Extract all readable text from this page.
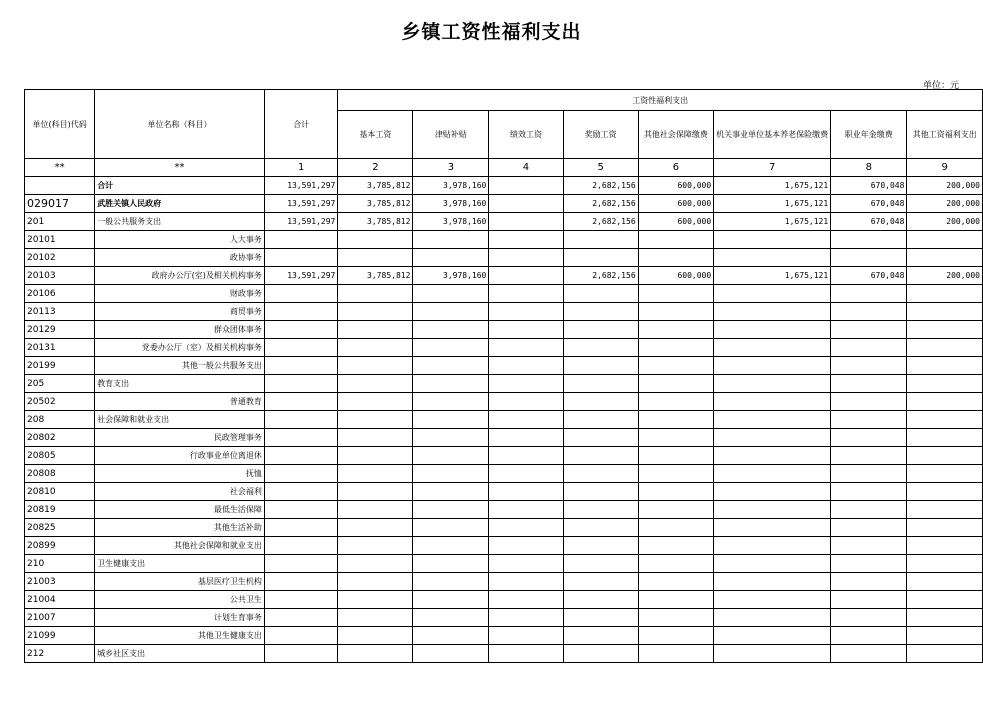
乡镇工资性福利支出
单位：元
单位(科目)代码	单位名称（科目）	合计	工资性福利支出							
			基本工资	津贴补贴	绩效工资	奖励工资	其他社会保障缴费	机关事业单位基本养老保险缴费	职业年金缴费	其他工资福利支出
**	**	1	2	3	4	5	6	7	8	9
	合计	13,591,297	3,785,812	3,978,160		2,682,156	600,000	1,675,121	670,048	200,000
029017	武胜关镇人民政府	13,591,297	3,785,812	3,978,160		2,682,156	600,000	1,675,121	670,048	200,000
201	一般公共服务支出	13,591,297	3,785,812	3,978,160		2,682,156	600,000	1,675,121	670,048	200,000
20101	人大事务									
20102	政协事务									
20103	政府办公厅(室)及相关机构事务	13,591,297	3,785,812	3,978,160		2,682,156	600,000	1,675,121	670,048	200,000
20106	财政事务									
20113	商贸事务									
20129	群众团体事务									
20131	党委办公厅（室）及相关机构事务									
20199	其他一般公共服务支出									
205	教育支出									
20502	普通教育									
208	社会保障和就业支出									
20802	民政管理事务									
20805	行政事业单位离退休									
20808	抚恤									
20810	社会福利									
20819	最低生活保障									
20825	其他生活补助									
20899	其他社会保障和就业支出									
210	卫生健康支出									
21003	基层医疗卫生机构									
21004	公共卫生									
21007	计划生育事务									
21099	其他卫生健康支出									
212	城乡社区支出									
